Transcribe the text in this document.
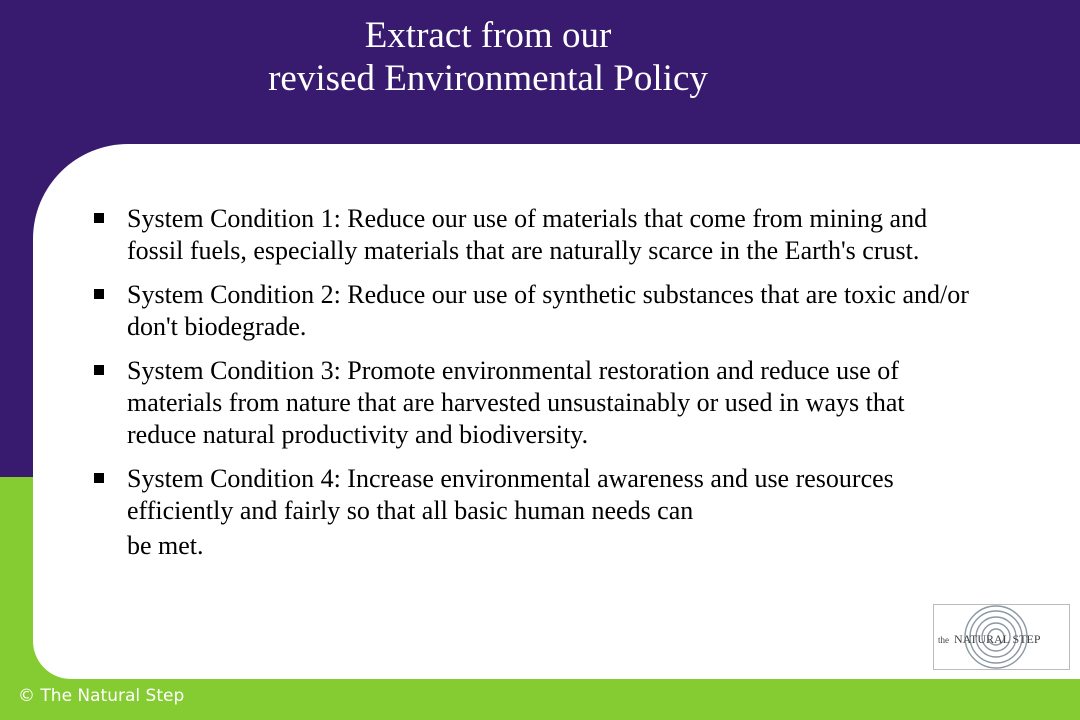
Extract from our
revised Environmental Policy
System Condition 1: Reduce our use of materials that come from mining and fossil fuels, especially materials that are naturally scarce in the Earth's crust.
System Condition 2: Reduce our use of synthetic substances that are toxic and/or don't biodegrade.
System Condition 3: Promote environmental restoration and reduce use of materials from nature that are harvested unsustainably or used in ways that reduce natural productivity and biodiversity.
System Condition 4: Increase environmental awareness and use resources efficiently and fairly so that all basic human needs can
be met.
© The Natural Step
the NATURAL STEP
